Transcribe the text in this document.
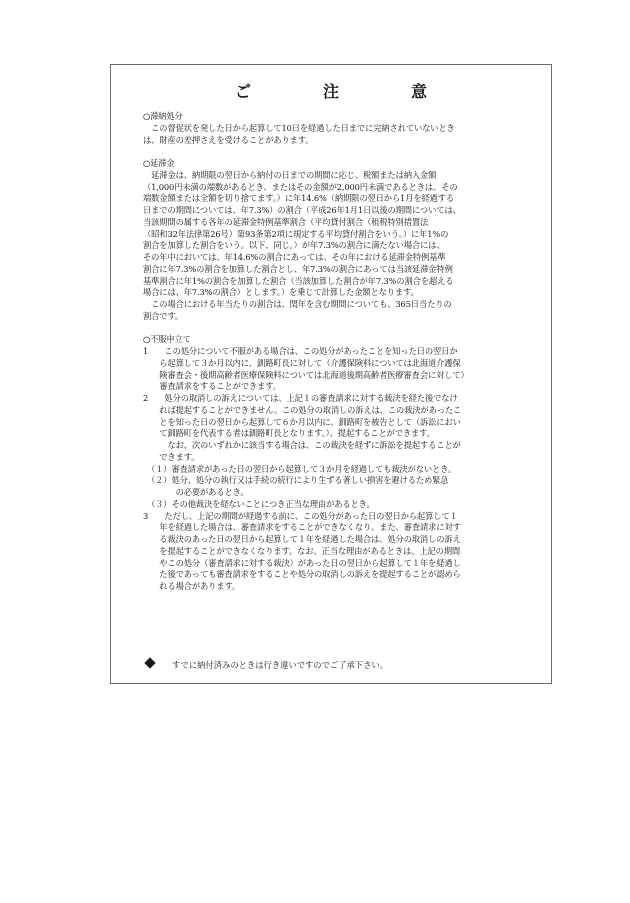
ご　注　意

○滞納処分

　この督促状を発した日から起算して10日を経過した日までに完納されていないとき

は、財産の差押さえを受けることがあります。

○延滞金

　延滞金は、納期限の翌日から納付の日までの期間に応じ、税額または納入金額

（1,000円未満の端数があるとき、またはその金額が2,000円未満であるときは、その

端数金額または全額を切り捨てます。）に年14.6%（納期限の翌日から1月を経過する

日までの期間については、年7.3%）の割合（平成26年1月1日以後の期間については、

当該期間の属する各年の延滞金特例基準割合（平均貸付割合（租税特別措置法

（昭和32年法律第26号）第93条第2項に規定する平均貸付割合をいう。）に年1%の

割合を加算した割合をいう。以下、同じ。）が年7.3%の割合に満たない場合には、

その年中においては、年14.6%の割合にあっては、その年における延滞金特例基準

割合に年7.3%の割合を加算した割合とし、年7.3%の割合にあっては当該延滞金特例

基準割合に年1%の割合を加算した割合（当該加算した割合が年7.3%の割合を超える

場合には、年7.3%の割合）とします。）を乗じて計算した金額となります。

　この場合における年当たりの割合は、閏年を含む期間についても、365日当たりの

割合です。

○不服申立て

1　　この処分について不服がある場合は、この処分があったことを知った日の翌日か

　　ら起算して３か月以内に、釧路町長に対して（介護保険料については北海道介護保

　　険審査会・後期高齢者医療保険料については北海道後期高齢者医療審査会に対して）

　　審査請求をすることができます。

2　　処分の取消しの訴えについては、上記１の審査請求に対する裁決を経た後でなけ

　　れば提起することができません。この処分の取消しの訴えは、この裁決があったこ

　　とを知った日の翌日から起算して６か月以内に、釧路町を被告として（訴訟におい

　　て釧路町を代表する者は釧路町長となります。）、提起することができます。

　　　なお、次のいずれかに該当する場合は、この裁決を経ずに訴訟を提起することが

　　できます。

　（１）審査請求があった日の翌日から起算して３か月を経過しても裁決がないとき。

　（２）処分、処分の執行又は手続の続行により生ずる著しい損害を避けるため緊急

　　　　の必要があるとき。

　（３）その他裁決を経ないことにつき正当な理由があるとき。

3　　ただし、上記の期間が経過する前に、この処分があった日の翌日から起算して１

　　年を経過した場合は、審査請求をすることができなくなり、また、審査請求に対す

　　る裁決のあった日の翌日から起算して１年を経過した場合は、処分の取消しの訴え

　　を提起することができなくなります。なお、正当な理由があるときは、上記の期間

　　やこの処分（審査請求に対する裁決）があった日の翌日から起算して１年を経過し

　　た後であっても審査請求をすることや処分の取消しの訴えを提起することが認めら

　　れる場合があります。

すでに納付済みのときは行き違いですのでご了承下さい。
